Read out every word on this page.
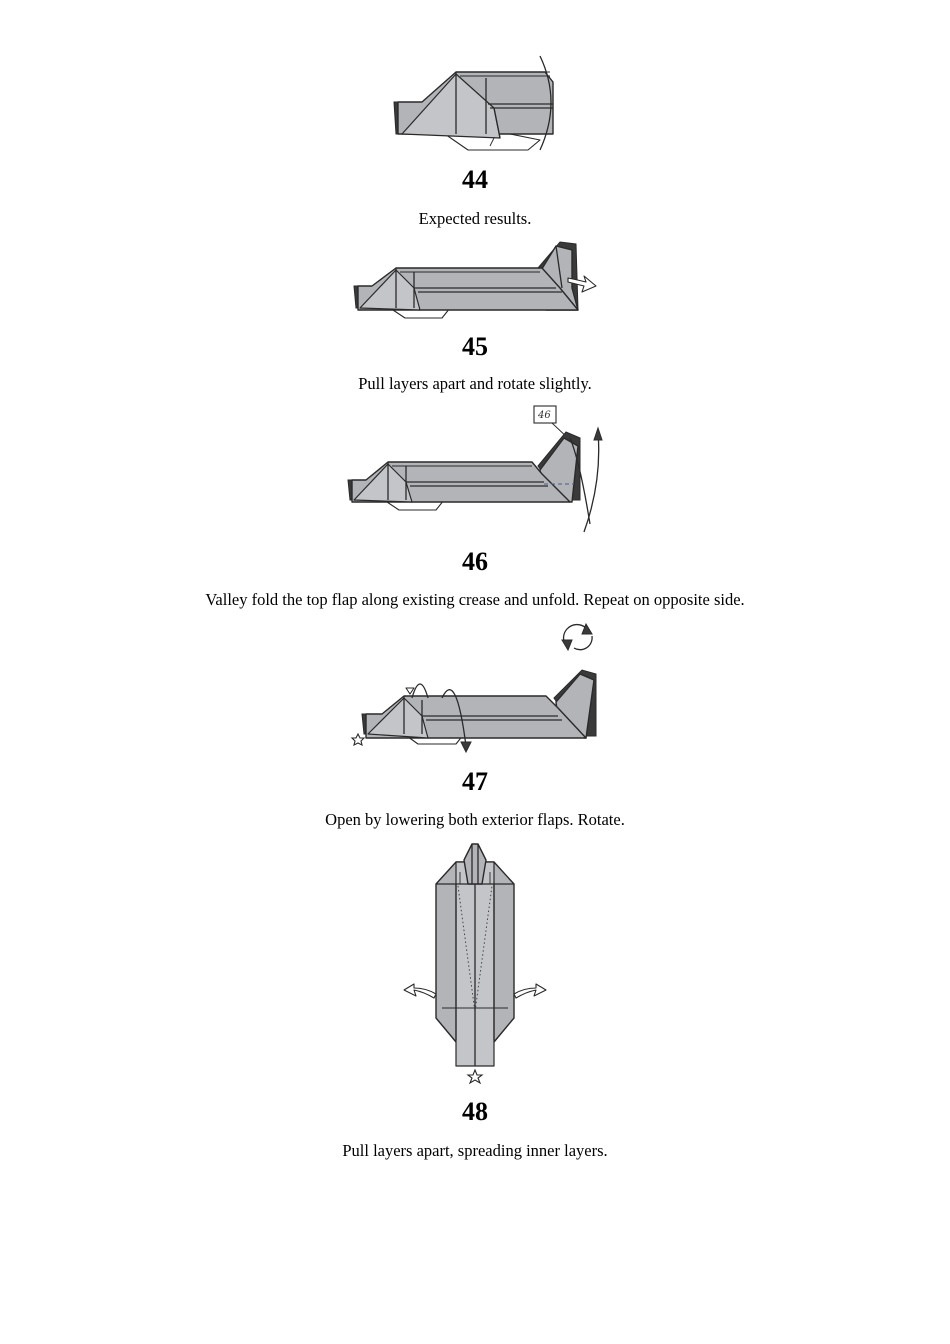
44

Expected results.

45

Pull layers apart and rotate slightly.

46
46

Valley fold the top flap along existing crease and unfold. Repeat on opposite side.

47

Open by lowering both exterior flaps. Rotate.

48

Pull layers apart, spreading inner layers.
